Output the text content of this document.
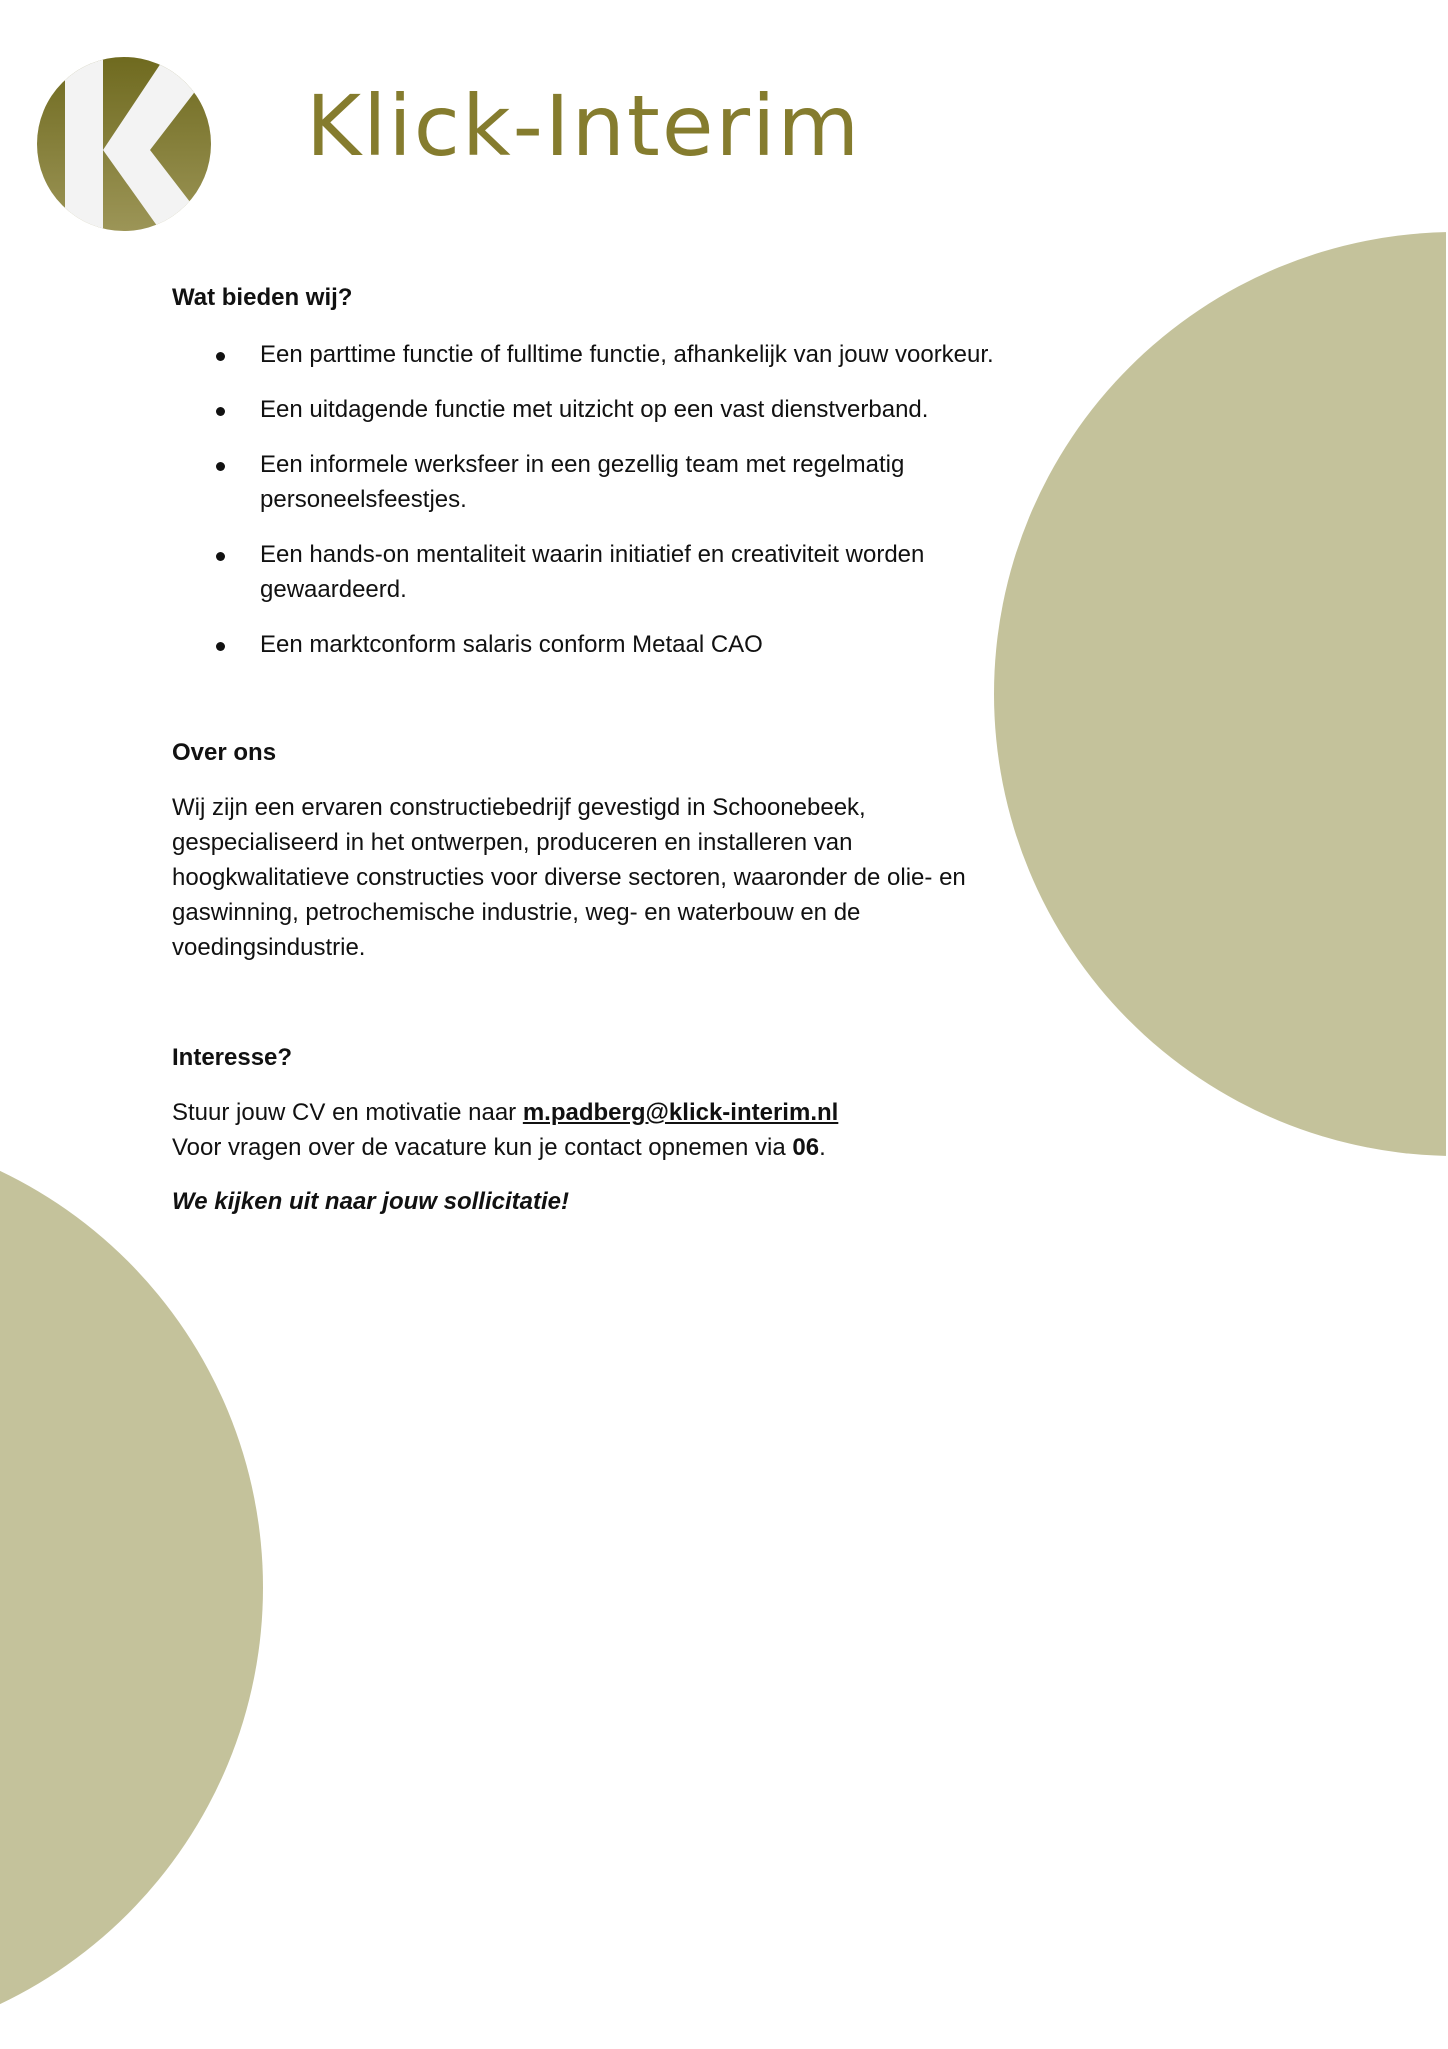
Klick-Interim
Wat bieden wij?
Een parttime functie of fulltime functie, afhankelijk van jouw voorkeur.
Een uitdagende functie met uitzicht op een vast dienstverband.
Een informele werksfeer in een gezellig team met regelmatig personeelsfeestjes.
Een hands-on mentaliteit waarin initiatief en creativiteit worden gewaardeerd.
Een marktconform salaris conform Metaal CAO
Over ons

Wij zijn een ervaren constructiebedrijf gevestigd in Schoonebeek, gespecialiseerd in het ontwerpen, produceren en installeren van hoogkwalitatieve constructies voor diverse sectoren, waaronder de olie- en gaswinning, petrochemische industrie, weg- en waterbouw en de voedingsindustrie.

Interesse?

Stuur jouw CV en motivatie naar m.padberg@klick-interim.nl
Voor vragen over de vacature kun je contact opnemen via 06.

We kijken uit naar jouw sollicitatie!
